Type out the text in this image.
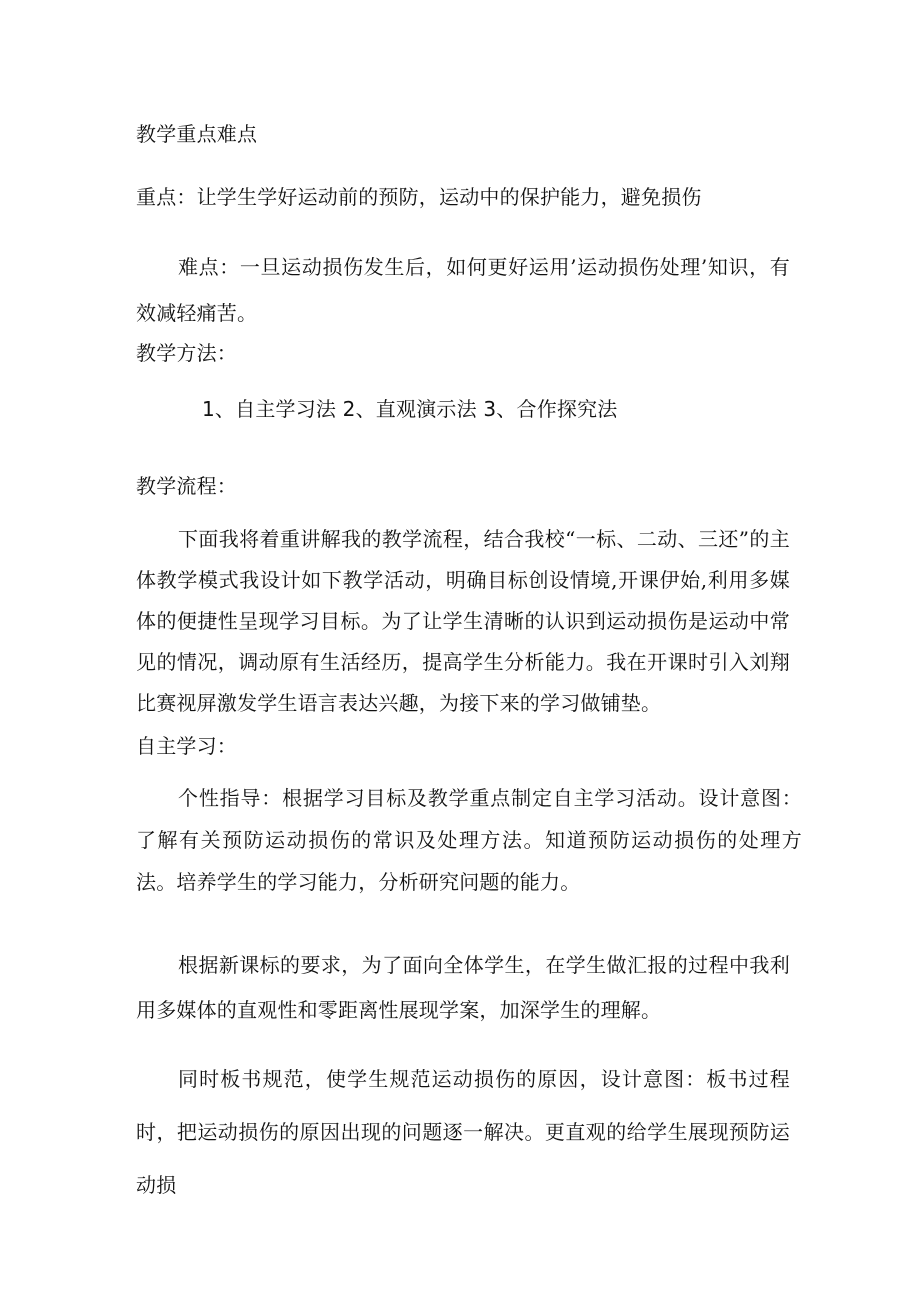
教学重点难点
重点：让学生学好运动前的预防，运动中的保护能力，避免损伤
难点：一旦运动损伤发生后，如何更好运用’运动损伤处理’知识，有效减轻痛苦。
教学方法：
1、自主学习法 2、直观演示法 3、合作探究法
教学流程：
下面我将着重讲解我的教学流程，结合我校“一标、二动、三还”的主体教学模式我设计如下教学活动，明确目标创设情境,开课伊始,利用多媒体的便捷性呈现学习目标。为了让学生清晰的认识到运动损伤是运动中常见的情况，调动原有生活经历，提高学生分析能力。我在开课时引入刘翔比赛视屏激发学生语言表达兴趣，为接下来的学习做铺垫。
自主学习：
个性指导：根据学习目标及教学重点制定自主学习活动。设计意图：了解有关预防运动损伤的常识及处理方法。知道预防运动损伤的处理方法。培养学生的学习能力，分析研究问题的能力。
根据新课标的要求，为了面向全体学生，在学生做汇报的过程中我利用多媒体的直观性和零距离性展现学案，加深学生的理解。
同时板书规范，使学生规范运动损伤的原因，设计意图：板书过程时，把运动损伤的原因出现的问题逐一解决。更直观的给学生展现预防运动损
